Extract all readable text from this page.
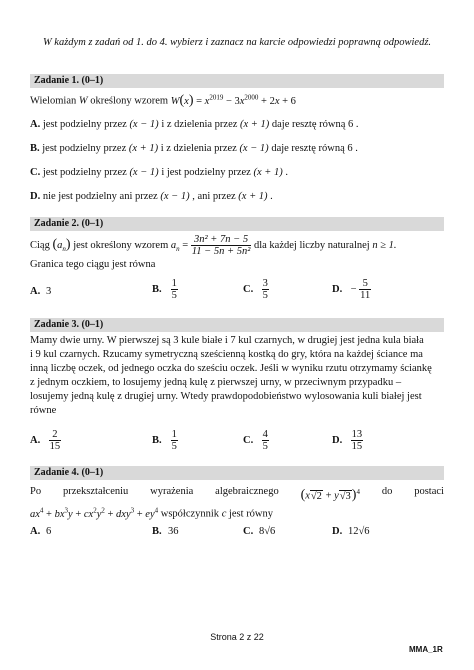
W każdym z zadań od 1. do 4. wybierz i zaznacz na karcie odpowiedzi poprawną odpowiedź.
Zadanie 1. (0–1)
Wielomian W określony wzorem $W(x) = x^{2019} - 3x^{2000} + 2x + 6$
A. jest podzielny przez (x − 1) i z dzielenia przez (x + 1) daje resztę równą 6 .
B. jest podzielny przez (x + 1) i z dzielenia przez (x − 1) daje resztę równą 6 .
C. jest podzielny przez (x − 1) i jest podzielny przez (x + 1) .
D. nie jest podzielny ani przez (x − 1) , ani przez (x + 1) .
Zadanie 2. (0–1)
Ciąg $(a_n)$ jest określony wzorem $a_n = \frac{\text{3n² + 7n − 5}}{\text{11 − 5n + 5n²}}$ dla każdej liczby naturalnej n ≥ 1.
Granica tego ciągu jest równa
A. 3	B. $\frac{1}{5}$	C. $\frac{3}{5}$	D. − $\frac{5}{11}$
Zadanie 3. (0–1)
Mamy dwie urny. W pierwszej są 3 kule białe i 7 kul czarnych, w drugiej jest jedna kula biała
i 9 kul czarnych. Rzucamy symetryczną sześcienną kostką do gry, która na każdej ściance ma
inną liczbę oczek, od jednego oczka do sześciu oczek. Jeśli w wyniku rzutu otrzymamy ściankę
z jednym oczkiem, to losujemy jedną kulę z pierwszej urny, w przeciwnym przypadku –
losujemy jedną kulę z drugiej urny. Wtedy prawdopodobieństwo wylosowania kuli białej jest
równe
A. $\frac{2}{15}$	B. $\frac{1}{5}$	C. $\frac{4}{5}$	D. $\frac{13}{15}$
Zadanie 4. (0–1)
Po przekształceniu wyrażenia algebraicznego $(x√2 + y√3)^4$ do postaci
$ax^4 + bx^3y + cx^2y^2 + dxy^3 + ey^4$ współczynnik c jest równy
A. 6	B. 36	C. 8√6	D. 12√6
Strona 2 z 22
MMA_1R
